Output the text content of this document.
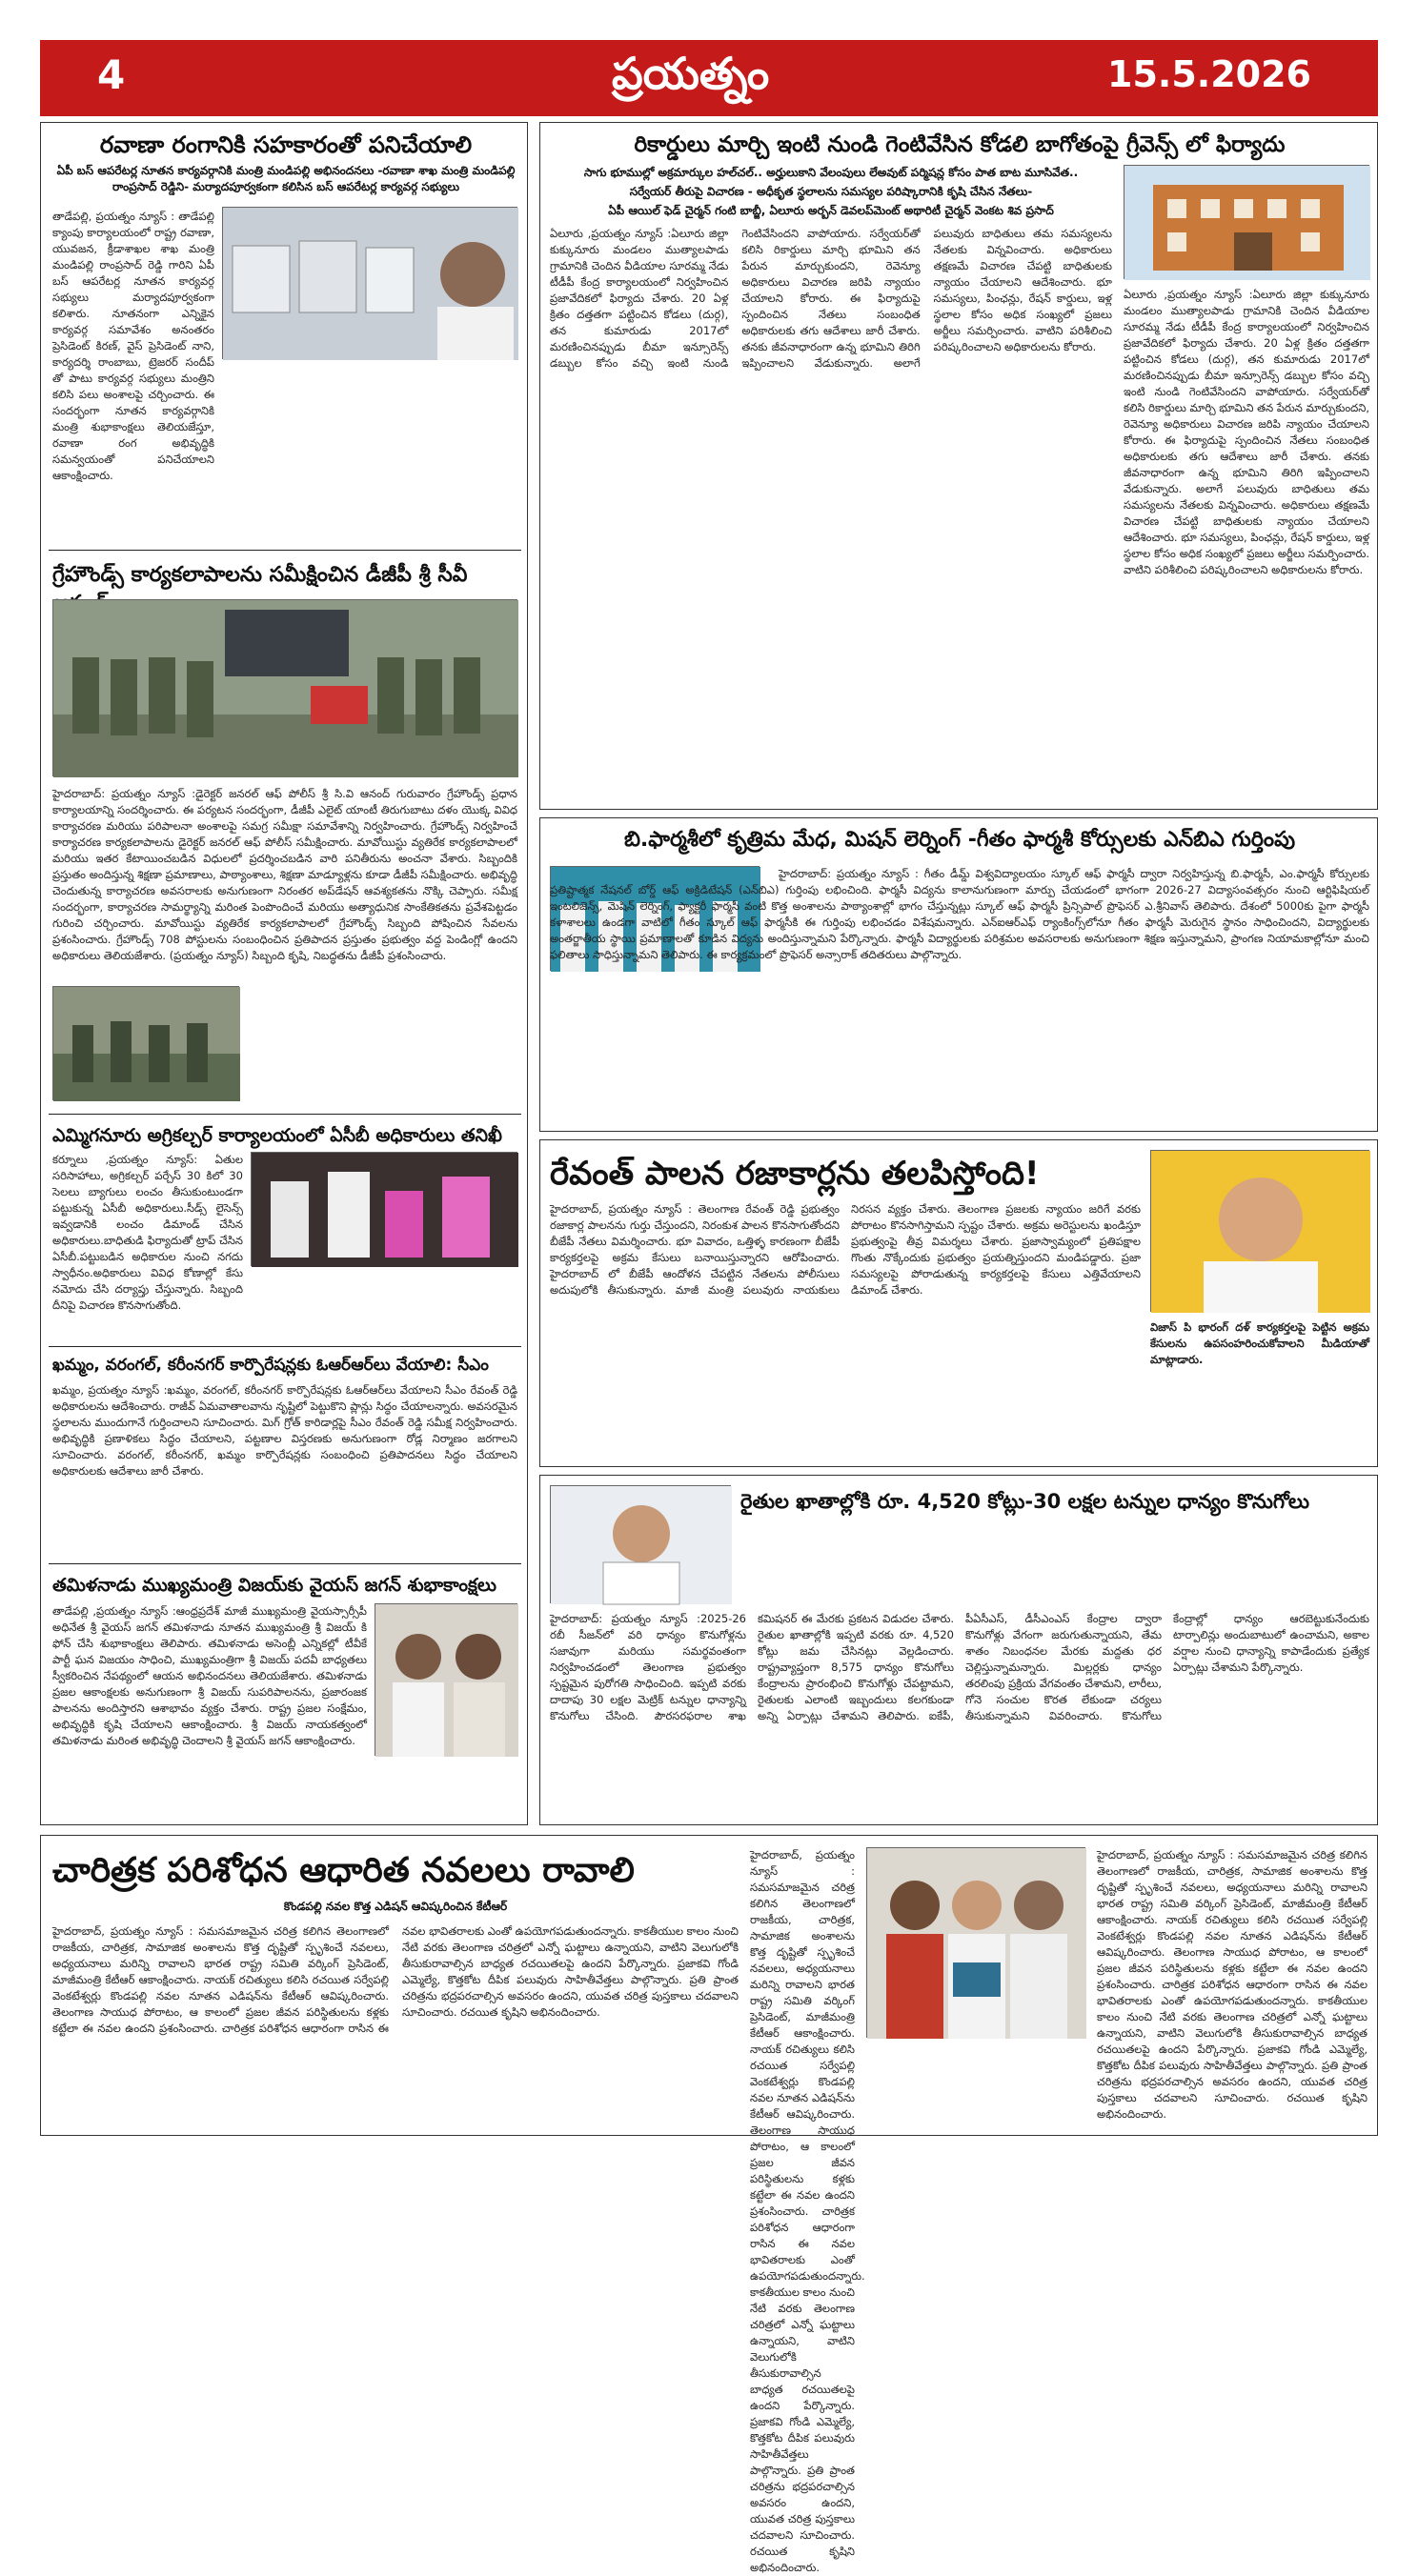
4	ప్రయత్నం	15.5.2026
రవాణా రంగానికి సహకారంతో పనిచేయాలి
ఏపీ బస్ ఆపరేటర్ల నూతన కార్యవర్గానికి మంత్రి మండిపల్లి అభినందనలు -రవాణా శాఖ మంత్రి మండిపల్లి రాంప్రసాద్ రెడ్డిని- మర్యాదపూర్వకంగా కలిసిన బస్ ఆపరేటర్ల కార్యవర్గ సభ్యులు
తాడేపల్లి, ప్రయత్నం న్యూస్ : తాడేపల్లి క్యాంపు కార్యాలయంలో రాష్ట్ర రవాణా, యువజన, క్రీడాశాఖల శాఖ మంత్రి మండిపల్లి రాంప్రసాద్ రెడ్డి గారిని ఏపీ బస్ ఆపరేటర్ల నూతన కార్యవర్గ సభ్యులు మర్యాదపూర్వకంగా కలిశారు. నూతనంగా ఎన్నికైన కార్యవర్గ సమావేశం అనంతరం ప్రెసిడెంట్ కిరణ్, వైస్ ప్రెసిడెంట్ నాని, కార్యదర్శి రాంబాబు, ట్రెజరర్ సందీప్ తో పాటు కార్యవర్గ సభ్యులు మంత్రిని కలిసి పలు అంశాలపై చర్చించారు. ఈ సందర్భంగా నూతన కార్యవర్గానికి మంత్రి శుభాకాంక్షలు తెలియజేస్తూ, రవాణా రంగ అభివృద్ధికి సమన్వయంతో పనిచేయాలని ఆకాంక్షించారు.
గ్రేహౌండ్స్ కార్యకలాపాలను సమీక్షించిన డీజీపీ శ్రీ సీవీ
హైదరాబాద్: ప్రయత్నం న్యూస్ :డైరెక్టర్ జనరల్ ఆఫ్ పోలీస్ శ్రీ సి.వి ఆనంద్ గురువారం గ్రేహౌండ్స్ ప్రధాన కార్యాలయాన్ని సందర్శించారు. ఈ పర్యటన సందర్భంగా, డీజీపీ ఎలైట్ యాంటీ తిరుగుబాటు దళం యొక్క వివిధ కార్యాచరణ మరియు పరిపాలనా అంశాలపై సమగ్ర సమీక్షా సమావేశాన్ని నిర్వహించారు. గ్రేహౌండ్స్ నిర్వహించే కార్యాచరణ కార్యకలాపాలను డైరెక్టర్ జనరల్ ఆఫ్ పోలీస్ సమీక్షించారు. మావోయిస్టు వ్యతిరేక కార్యకలాపాలలో మరియు ఇతర కేటాయించబడిన విధులలో ప్రదర్శించబడిన వారి పనితీరును అంచనా వేశారు. సిబ్బందికి ప్రస్తుతం అందిస్తున్న శిక్షణా ప్రమాణాలు, పాఠ్యాంశాలు, శిక్షణా మాడ్యూళ్లను కూడా డీజీపీ సమీక్షించారు. అభివృద్ధి చెందుతున్న కార్యాచరణ అవసరాలకు అనుగుణంగా నిరంతర అప్‌డేషన్ ఆవశ్యకతను నొక్కి చెప్పారు. సమీక్ష సందర్భంగా, కార్యాచరణ సామర్థ్యాన్ని మరింత పెంపొందించే మరియు అత్యాధునిక సాంకేతికతను ప్రవేశపెట్టడం గురించి చర్చించారు. మావోయిస్టు వ్యతిరేక కార్యకలాపాలలో గ్రేహౌండ్స్ సిబ్బంది పోషించిన సేవలను ప్రశంసించారు. గ్రేహౌండ్స్ 708 పోస్టులను సంబంధించిన ప్రతిపాదన ప్రస్తుతం ప్రభుత్వం వద్ద పెండింగ్లో ఉందని అధికారులు తెలియజేశారు. (ప్రయత్నం న్యూస్) సిబ్బంది కృషి, నిబద్ధతను డీజీపీ ప్రశంసించారు.
ఎమ్మిగనూరు అగ్రికల్చర్ కార్యాలయంలో ఏసీబీ అధికారులు తనిఖీ
కర్నూలు ,ప్రయత్నం న్యూస్: ఏతుల సరిసాహాలు, అగ్రికల్చర్ పర్చేస్ 30 కిలో 30 సెలలు బ్యాగులు లంచం తీసుకుంటుండగా పట్టుకున్న ఏసీబీ అధికారులు.సీడ్స్ లైసెన్స్ ఇవ్వడానికి లంచం డిమాండ్ చేసిన అధికారులు.బాధితుడి ఫిర్యాదుతో ట్రాప్ చేసిన ఏసీబీ.పట్టుబడిన అధికారుల నుంచి నగదు స్వాధీనం.అధికారులు వివిధ కోణాల్లో కేసు నమోదు చేసి దర్యాప్తు చేస్తున్నారు. సిబ్బంది దీనిపై విచారణ కొనసాగుతోంది.
ఖమ్మం, వరంగల్, కరీంనగర్ కార్పొరేషన్లకు ఓఆర్ఆర్‌లు వేయాలి: సీఎం
ఖమ్మం, ప్రయత్నం న్యూస్ :ఖమ్మం, వరంగల్, కరీంనగర్ కార్పొరేషన్లకు ఓఆర్ఆర్‌లు వేయాలని సీఎం రేవంత్ రెడ్డి అధికారులను ఆదేశించారు. రాజీవ్ ఏమవాతాలవాను నృష్టిలో పెట్టుకొని ప్లాన్లు సిద్ధం చేయాలన్నారు. అవసరమైన స్థలాలను ముందుగానే గుర్తించాలని సూచించారు. మిగ్ గ్రోత్ కారిడార్లపై సీఎం రేవంత్ రెడ్డి సమీక్ష నిర్వహించారు. అభివృద్ధికి ప్రణాళికలు సిద్ధం చేయాలని, పట్టణాల విస్తరణకు అనుగుణంగా రోడ్ల నిర్మాణం జరగాలని సూచించారు. వరంగల్, కరీంనగర్, ఖమ్మం కార్పొరేషన్లకు సంబంధించి ప్రతిపాదనలు సిద్ధం చేయాలని అధికారులకు ఆదేశాలు జారీ చేశారు.
తమిళనాడు ముఖ్యమంత్రి విజయ్‌కు వైయస్ జగన్ శుభాకాంక్షలు
తాడేపల్లి ,ప్రయత్నం న్యూస్ :ఆంధ్రప్రదేశ్ మాజీ ముఖ్యమంత్రి వైయస్సార్సీపీ అధినేత శ్రీ వైయస్ జగన్ తమిళనాడు నూతన ముఖ్యమంత్రి శ్రీ విజయ్ కి ఫోన్ చేసి శుభాకాంక్షలు తెలిపారు. తమిళనాడు అసెంబ్లీ ఎన్నికల్లో టీవీకే పార్టీ ఘన విజయం సాధించి, ముఖ్యమంత్రిగా శ్రీ విజయ్ పదవీ బాధ్యతలు స్వీకరించిన నేపథ్యంలో ఆయన అభినందనలు తెలియజేశారు. తమిళనాడు ప్రజల ఆకాంక్షలకు అనుగుణంగా శ్రీ విజయ్ సుపరిపాలనను, ప్రజారంజక పాలనను అందిస్తారని ఆశాభావం వ్యక్తం చేశారు. రాష్ట్ర ప్రజల సంక్షేమం, అభివృద్ధికి కృషి చేయాలని ఆకాంక్షించారు. శ్రీ విజయ్ నాయకత్వంలో తమిళనాడు మరింత అభివృద్ధి చెందాలని శ్రీ వైయస్ జగన్ ఆకాంక్షించారు.
రికార్డులు మార్చి ఇంటి నుండి గెంటివేసిన కోడలి బాగోతంపై గ్రీవెన్స్ లో ఫిర్యాదు
సాగు భూముల్లో అక్రమార్కుల హల్‌చల్.. అర్హులుకాని వేలంపులు లేఅవుట్ పర్మిషన్ల కోసం పాత బాట మూసివేత..
సర్వేయర్ తీరుపై విచారణ - అధీకృత స్థలాలను సమస్యల పరిష్కారానికి కృషి చేసిన నేతలు-
ఏపీ ఆయిల్ ఫెడ్ చైర్మన్ గంటి బాబ్జీ, ఏలూరు అర్బన్ డెవలప్‌మెంట్ అథారిటీ చైర్మన్ వెంకట శివ ప్రసాద్
ఏలూరు ,ప్రయత్నం న్యూస్ :ఏలూరు జిల్లా కుక్కునూరు మండలం ముత్యాలపాడు గ్రామానికి చెందిన వీడియాల సూరమ్మ నేడు టీడీపీ కేంద్ర కార్యాలయంలో నిర్వహించిన ప్రజావేదికలో ఫిర్యాదు చేశారు. 20 ఏళ్ల క్రితం దత్తతగా పట్టించిన కోడలు (దుర్గ), తన కుమారుడు 2017లో మరణించినప్పుడు బీమా ఇన్సూరెన్స్ డబ్బుల కోసం వచ్చి ఇంటి నుండి గెంటివేసిందని వాపోయారు. సర్వేయర్‌తో కలిసి రికార్డులు మార్చి భూమిని తన పేరున మార్చుకుందని, రెవెన్యూ అధికారులు విచారణ జరిపి న్యాయం చేయాలని కోరారు. ఈ ఫిర్యాదుపై స్పందించిన నేతలు సంబంధిత అధికారులకు తగు ఆదేశాలు జారీ చేశారు. తనకు జీవనాధారంగా ఉన్న భూమిని తిరిగి ఇప్పించాలని వేడుకున్నారు. అలాగే పలువురు బాధితులు తమ సమస్యలను నేతలకు విన్నవించారు. అధికారులు తక్షణమే విచారణ చేపట్టి బాధితులకు న్యాయం చేయాలని ఆదేశించారు. భూ సమస్యలు, పింఛన్లు, రేషన్ కార్డులు, ఇళ్ల స్థలాల కోసం అధిక సంఖ్యలో ప్రజలు అర్జీలు సమర్పించారు. వాటిని పరిశీలించి పరిష్కరించాలని అధికారులను కోరారు.
ఏలూరు ,ప్రయత్నం న్యూస్ :ఏలూరు జిల్లా కుక్కునూరు మండలం ముత్యాలపాడు గ్రామానికి చెందిన వీడియాల సూరమ్మ నేడు టీడీపీ కేంద్ర కార్యాలయంలో నిర్వహించిన ప్రజావేదికలో ఫిర్యాదు చేశారు. 20 ఏళ్ల క్రితం దత్తతగా పట్టించిన కోడలు (దుర్గ), తన కుమారుడు 2017లో మరణించినప్పుడు బీమా ఇన్సూరెన్స్ డబ్బుల కోసం వచ్చి ఇంటి నుండి గెంటివేసిందని వాపోయారు. సర్వేయర్‌తో కలిసి రికార్డులు మార్చి భూమిని తన పేరున మార్చుకుందని, రెవెన్యూ అధికారులు విచారణ జరిపి న్యాయం చేయాలని కోరారు. ఈ ఫిర్యాదుపై స్పందించిన నేతలు సంబంధిత అధికారులకు తగు ఆదేశాలు జారీ చేశారు. తనకు జీవనాధారంగా ఉన్న భూమిని తిరిగి ఇప్పించాలని వేడుకున్నారు. అలాగే పలువురు బాధితులు తమ సమస్యలను నేతలకు విన్నవించారు. అధికారులు తక్షణమే విచారణ చేపట్టి బాధితులకు న్యాయం చేయాలని ఆదేశించారు. భూ సమస్యలు, పింఛన్లు, రేషన్ కార్డులు, ఇళ్ల స్థలాల కోసం అధిక సంఖ్యలో ప్రజలు అర్జీలు సమర్పించారు. వాటిని పరిశీలించి పరిష్కరించాలని అధికారులను కోరారు.
బి.ఫార్మశీలో కృత్రిమ మేధ, మిషన్ లెర్నింగ్ -గీతం ఫార్మశీ కోర్సులకు ఎన్‌బిఎ గుర్తింపు
హైదరాబాద్: ప్రయత్నం న్యూస్ : గీతం డీమ్డ్ విశ్వవిద్యాలయం స్కూల్ ఆఫ్ ఫార్మసీ ద్వారా నిర్వహిస్తున్న బి.ఫార్మసీ, ఎం.ఫార్మసీ కోర్సులకు ప్రతిష్టాత్మక నేషనల్ బోర్డ్ ఆఫ్ అక్రిడిటేషన్ (ఎన్‌బిఎ) గుర్తింపు లభించింది. ఫార్మసీ విద్యను కాలానుగుణంగా మార్పు చేయడంలో భాగంగా 2026-27 విద్యాసంవత్సరం నుంచి ఆర్టిఫిషియల్ ఇంటలిజెన్స్, మెషిన్ లెర్నింగ్, ఫ్యాక్టరీ ఫార్మసీ వంటి కొత్త అంశాలను పాఠ్యాంశాల్లో భాగం చేస్తున్నట్లు స్కూల్ ఆఫ్ ఫార్మసీ ప్రిన్సిపాల్ ప్రొఫెసర్ ఎ.శ్రీనివాస్ తెలిపారు. దేశంలో 5000కు పైగా ఫార్మసీ కళాశాలలు ఉండగా వాటిలో గీతం స్కూల్ ఆఫ్ ఫార్మసీకి ఈ గుర్తింపు లభించడం విశేషమన్నారు. ఎన్‌ఐఆర్‌ఎఫ్ ర్యాంకింగ్స్‌లోనూ గీతం ఫార్మసీ మెరుగైన స్థానం సాధించిందని, విద్యార్థులకు అంతర్జాతీయ స్థాయి ప్రమాణాలతో కూడిన విద్యను అందిస్తున్నామని పేర్కొన్నారు. ఫార్మసీ విద్యార్థులకు పరిశ్రమల అవసరాలకు అనుగుణంగా శిక్షణ ఇస్తున్నామని, ప్రాంగణ నియామకాల్లోనూ మంచి ఫలితాలు సాధిస్తున్నామని తెలిపారు. ఈ కార్యక్రమంలో ప్రొఫెసర్ అన్సారాక్ తదితరులు పాల్గొన్నారు.
రేవంత్ పాలన రజాకార్లను తలపిస్తోంది!
హైదరాబాద్, ప్రయత్నం న్యూస్ : తెలంగాణ రేవంత్ రెడ్డి ప్రభుత్వం రజాకార్ల పాలనను గుర్తు చేస్తుందని, నిరంకుశ పాలన కొనసాగుతోందని బీజేపీ నేతలు విమర్శించారు. భూ వివాదం, ఒత్తిళ్ళ కారణంగా బీజేపీ కార్యకర్తలపై అక్రమ కేసులు బనాయిస్తున్నారని ఆరోపించారు. హైదరాబాద్ లో బీజేపీ ఆందోళన చేపట్టిన నేతలను పోలీసులు అదుపులోకి తీసుకున్నారు. మాజీ మంత్రి పలువురు నాయకులు నిరసన వ్యక్తం చేశారు. తెలంగాణ ప్రజలకు న్యాయం జరిగే వరకు పోరాటం కొనసాగిస్తామని స్పష్టం చేశారు. అక్రమ అరెస్టులను ఖండిస్తూ ప్రభుత్వంపై తీవ్ర విమర్శలు చేశారు. ప్రజాస్వామ్యంలో ప్రతిపక్షాల గొంతు నొక్కేందుకు ప్రభుత్వం ప్రయత్నిస్తుందని మండిపడ్డారు. ప్రజా సమస్యలపై పోరాడుతున్న కార్యకర్తలపై కేసులు ఎత్తివేయాలని డిమాండ్ చేశారు.
విజాస్ పి భారంగ్ దళ్ కార్యకర్తలపై పెట్టిన అక్రమ కేసులను ఉపసంహరించుకోవాలని మీడియాతో మాట్లాడారు.
రైతుల ఖాతాల్లోకి రూ. 4,520 కోట్లు-30 లక్షల టన్నుల ధాన్యం కొనుగోలు
హైదరాబాద్: ప్రయత్నం న్యూస్ :2025-26 రబీ సీజన్‌లో వరి ధాన్యం కొనుగోళ్లను సజావుగా మరియు సమర్థవంతంగా నిర్వహించడంలో తెలంగాణ ప్రభుత్వం స్పష్టమైన పురోగతి సాధించింది. ఇప్పటి వరకు దాదాపు 30 లక్షల మెట్రిక్ టన్నుల ధాన్యాన్ని కొనుగోలు చేసింది. పౌరసరఫరాల శాఖ కమిషనర్ ఈ మేరకు ప్రకటన విడుదల చేశారు. రైతుల ఖాతాల్లోకి ఇప్పటి వరకు రూ. 4,520 కోట్లు జమ చేసినట్లు వెల్లడించారు. రాష్ట్రవ్యాప్తంగా 8,575 ధాన్యం కొనుగోలు కేంద్రాలను ప్రారంభించి కొనుగోళ్లు చేపట్టామని, రైతులకు ఎలాంటి ఇబ్బందులు కలగకుండా అన్ని ఏర్పాట్లు చేశామని తెలిపారు. ఐకేపీ, పీఏసీఎస్, డీసీఎంఎస్ కేంద్రాల ద్వారా కొనుగోళ్లు వేగంగా జరుగుతున్నాయని, తేమ శాతం నిబంధనల మేరకు మద్దతు ధర చెల్లిస్తున్నామన్నారు. మిల్లర్లకు ధాన్యం తరలింపు ప్రక్రియ వేగవంతం చేశామని, లారీలు, గోనె సంచుల కొరత లేకుండా చర్యలు తీసుకున్నామని వివరించారు. కొనుగోలు కేంద్రాల్లో ధాన్యం ఆరబెట్టుకునేందుకు టార్పాలిన్లు అందుబాటులో ఉంచామని, అకాల వర్షాల నుంచి ధాన్యాన్ని కాపాడేందుకు ప్రత్యేక ఏర్పాట్లు చేశామని పేర్కొన్నారు.
చారిత్రక పరిశోధన ఆధారిత నవలలు రావాలి
కొండపల్లి నవల కొత్త ఎడిషన్ ఆవిష్కరించిన కేటీఆర్
హైదరాబాద్, ప్రయత్నం న్యూస్ : సమసమాజమైన చరిత్ర కలిగిన తెలంగాణలో రాజకీయ, చారిత్రక, సామాజిక అంశాలను కొత్త దృష్టితో స్పృశించే నవలలు, అధ్యయనాలు మరిన్ని రావాలని భారత రాష్ట్ర సమితి వర్కింగ్ ప్రెసిడెంట్, మాజీమంత్రి కేటీఆర్ ఆకాంక్షించారు. నాయక్ రచిత్యులు కలిసి రచయిత సర్వేపల్లి వెంకటేశ్వర్లు కొండపల్లి నవల నూతన ఎడిషన్‌ను కేటీఆర్ ఆవిష్కరించారు. తెలంగాణ సాయుధ పోరాటం, ఆ కాలంలో ప్రజల జీవన పరిస్థితులను కళ్లకు కట్టేలా ఈ నవల ఉందని ప్రశంసించారు. చారిత్రక పరిశోధన ఆధారంగా రాసిన ఈ నవల భావితరాలకు ఎంతో ఉపయోగపడుతుందన్నారు. కాకతీయుల కాలం నుంచి నేటి వరకు తెలంగాణ చరిత్రలో ఎన్నో ఘట్టాలు ఉన్నాయని, వాటిని వెలుగులోకి తీసుకురావాల్సిన బాధ్యత రచయితలపై ఉందని పేర్కొన్నారు. ప్రజాకవి గోండి ఎమ్మెల్యే, కొత్తకోట దీపిక పలువురు సాహితీవేత్తలు పాల్గొన్నారు. ప్రతి ప్రాంత చరిత్రను భద్రపరచాల్సిన అవసరం ఉందని, యువత చరిత్ర పుస్తకాలు చదవాలని సూచించారు. రచయిత కృషిని అభినందించారు.
హైదరాబాద్, ప్రయత్నం న్యూస్ : సమసమాజమైన చరిత్ర కలిగిన తెలంగాణలో రాజకీయ, చారిత్రక, సామాజిక అంశాలను కొత్త దృష్టితో స్పృశించే నవలలు, అధ్యయనాలు మరిన్ని రావాలని భారత రాష్ట్ర సమితి వర్కింగ్ ప్రెసిడెంట్, మాజీమంత్రి కేటీఆర్ ఆకాంక్షించారు. నాయక్ రచిత్యులు కలిసి రచయిత సర్వేపల్లి వెంకటేశ్వర్లు కొండపల్లి నవల నూతన ఎడిషన్‌ను కేటీఆర్ ఆవిష్కరించారు. తెలంగాణ సాయుధ పోరాటం, ఆ కాలంలో ప్రజల జీవన పరిస్థితులను కళ్లకు కట్టేలా ఈ నవల ఉందని ప్రశంసించారు. చారిత్రక పరిశోధన ఆధారంగా రాసిన ఈ నవల భావితరాలకు ఎంతో ఉపయోగపడుతుందన్నారు. కాకతీయుల కాలం నుంచి నేటి వరకు తెలంగాణ చరిత్రలో ఎన్నో ఘట్టాలు ఉన్నాయని, వాటిని వెలుగులోకి తీసుకురావాల్సిన బాధ్యత రచయితలపై ఉందని పేర్కొన్నారు. ప్రజాకవి గోండి ఎమ్మెల్యే, కొత్తకోట దీపిక పలువురు సాహితీవేత్తలు పాల్గొన్నారు. ప్రతి ప్రాంత చరిత్రను భద్రపరచాల్సిన అవసరం ఉందని, యువత చరిత్ర పుస్తకాలు చదవాలని సూచించారు. రచయిత కృషిని అభినందించారు.
హైదరాబాద్, ప్రయత్నం న్యూస్ : సమసమాజమైన చరిత్ర కలిగిన తెలంగాణలో రాజకీయ, చారిత్రక, సామాజిక అంశాలను కొత్త దృష్టితో స్పృశించే నవలలు, అధ్యయనాలు మరిన్ని రావాలని భారత రాష్ట్ర సమితి వర్కింగ్ ప్రెసిడెంట్, మాజీమంత్రి కేటీఆర్ ఆకాంక్షించారు. నాయక్ రచిత్యులు కలిసి రచయిత సర్వేపల్లి వెంకటేశ్వర్లు కొండపల్లి నవల నూతన ఎడిషన్‌ను కేటీఆర్ ఆవిష్కరించారు. తెలంగాణ సాయుధ పోరాటం, ఆ కాలంలో ప్రజల జీవన పరిస్థితులను కళ్లకు కట్టేలా ఈ నవల ఉందని ప్రశంసించారు. చారిత్రక పరిశోధన ఆధారంగా రాసిన ఈ నవల భావితరాలకు ఎంతో ఉపయోగపడుతుందన్నారు. కాకతీయుల కాలం నుంచి నేటి వరకు తెలంగాణ చరిత్రలో ఎన్నో ఘట్టాలు ఉన్నాయని, వాటిని వెలుగులోకి తీసుకురావాల్సిన బాధ్యత రచయితలపై ఉందని పేర్కొన్నారు. ప్రజాకవి గోండి ఎమ్మెల్యే, కొత్తకోట దీపిక పలువురు సాహితీవేత్తలు పాల్గొన్నారు. ప్రతి ప్రాంత చరిత్రను భద్రపరచాల్సిన అవసరం ఉందని, యువత చరిత్ర పుస్తకాలు చదవాలని సూచించారు. రచయిత కృషిని అభినందించారు.
